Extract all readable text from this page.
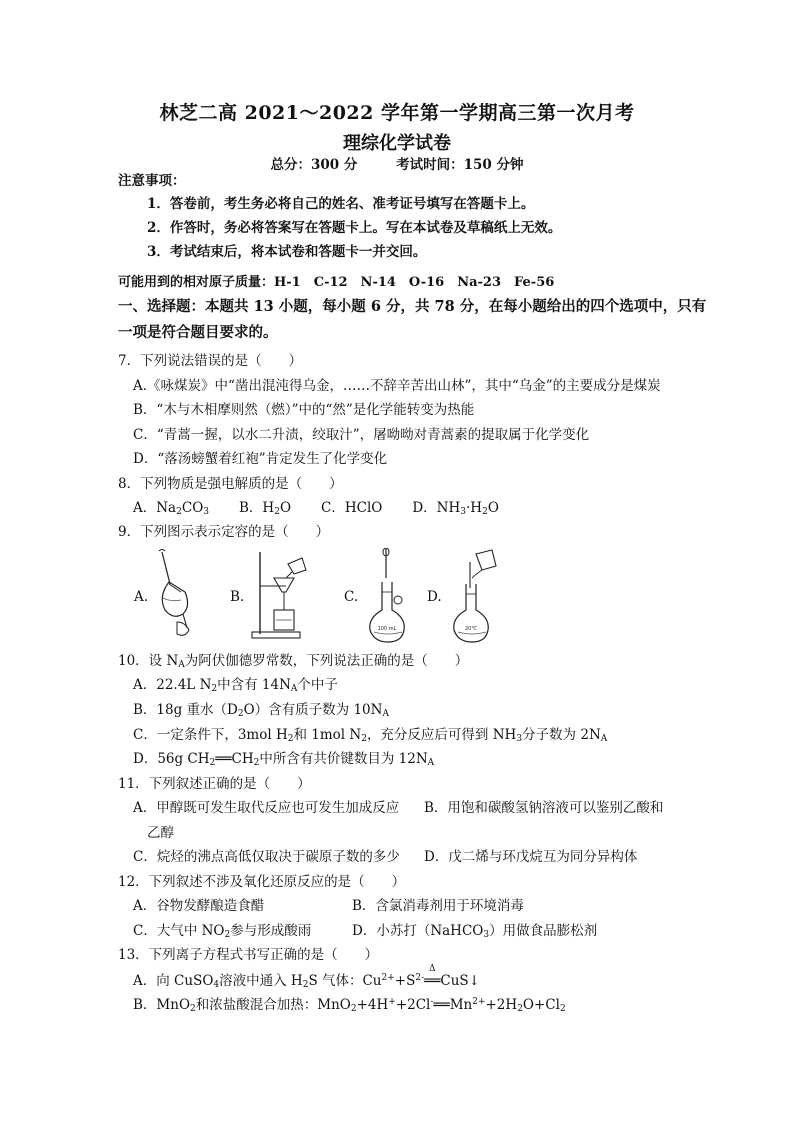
林芝二高 2021～2022 学年第一学期高三第一次月考
理综化学试卷
总分：300 分	考试时间：150 分钟
注意事项：
1．答卷前，考生务必将自己的姓名、准考证号填写在答题卡上。
2．作答时，务必将答案写在答题卡上。写在本试卷及草稿纸上无效。
3．考试结束后，将本试卷和答题卡一并交回。
可能用到的相对原子质量：H-1　C-12　N-14　O-16　Na-23　Fe-56
一、选择题：本题共 13 小题，每小题 6 分，共 78 分，在每小题给出的四个选项中，只有
一项是符合题目要求的。
7．下列说法错误的是（　　）
A.《咏煤炭》中“凿出混沌得乌金，……不辞辛苦出山林”，其中“乌金”的主要成分是煤炭
B．“木与木相摩则然（燃）”中的“然”是化学能转变为热能
C．“青蒿一握，以水二升渍，绞取汁”，屠呦呦对青蒿素的提取属于化学变化
D．“落汤螃蟹着红袍”肯定发生了化学变化
8．下列物质是强电解质的是（　　）
A．$Na_2CO_3$ B．$H_2O$ C．HClO D．$NH_3\cdot H_2O$
9．下列图示表示定容的是（　　）
A.	B.	C.
100 mL
D.
20℃
10．设 $N_A$为阿伏伽德罗常数，下列说法正确的是（　　）
A．22.4L $N_2$中含有 $14N_A$个中子
B．18g 重水$(D_2O)$含有质子数为 $10N_A$
C．一定条件下，3mol $H_2$和 1mol $N_2$，充分反应后可得到 $NH_3$分子数为 $2N_A$
D．56g $CH_2══CH_2$中所含有共价键数目为 $12N_A$
11．下列叙述正确的是（　　）
A．甲醇既可发生取代反应也可发生加成反应 B．用饱和碳酸氢钠溶液可以鉴别乙酸和
乙醇
C．烷烃的沸点高低仅取决于碳原子数的多少 D．戊二烯与环戊烷互为同分异构体
12．下列叙述不涉及氧化还原反应的是（　　）
A．谷物发酵酿造食醋	B．含氯消毒剂用于环境消毒
C．大气中 $NO_2$参与形成酸雨	D．小苏打（NaHCO$_3$）用做食品膨松剂
13．下列离子方程式书写正确的是（　　）
A．向 CuSO$_4$溶液中通入 $H_2S$ 气体：$Cu^{2+}+S^{2-}$
Δ
══CuS↓
B．MnO$_2$和浓盐酸混合加热：$MnO_2+4H^++2Cl^-══Mn^{2+}+2H_2O+Cl_2$
